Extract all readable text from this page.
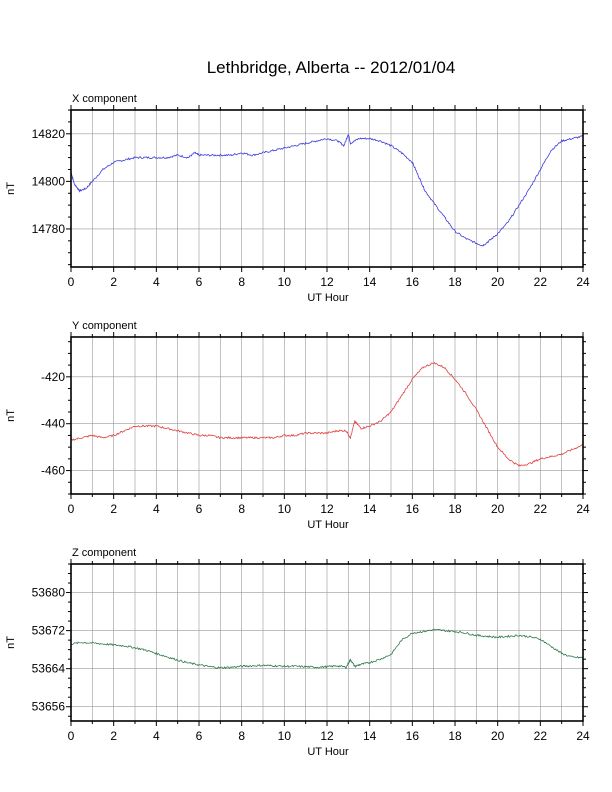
Lethbridge, Alberta -- 2012/01/04
0	2	4	6	8	10 12 14 16 18 20 22 24
14780
14800
14820
X component
UT Hour
nT
0	2	4	6	8	10 12 14 16 18 20 22 24
-460
-440
-420
Y component
UT Hour
nT
0	2	4	6	8	10 12 14 16 18 20 22 24
53656
53664
53672
53680
Z component
UT Hour
nT
